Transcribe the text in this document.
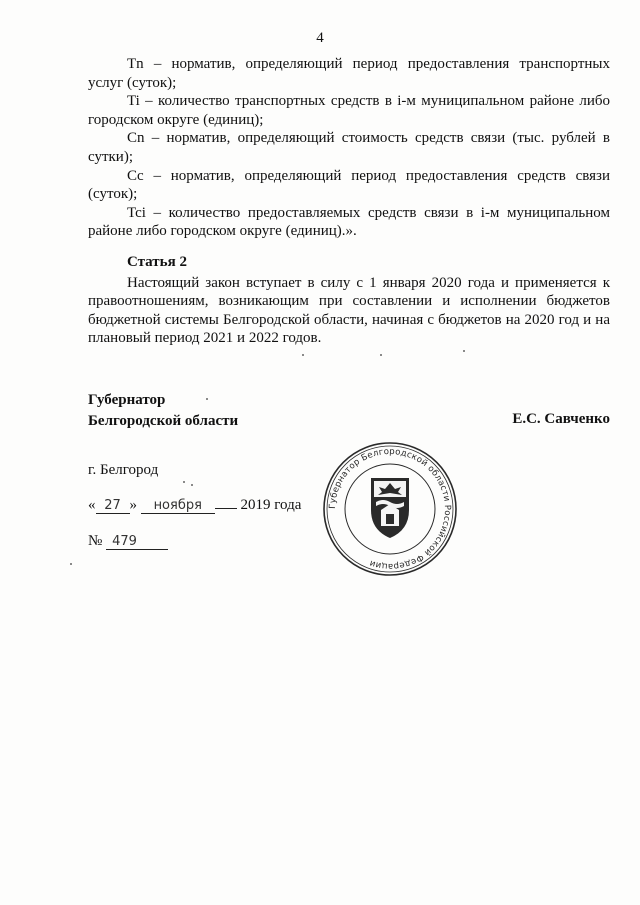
4

Tn – норматив, определяющий период предоставления транспортных услуг (суток);

Ti – количество транспортных средств в i-м муниципальном районе либо городском округе (единиц);

Cn – норматив, определяющий стоимость средств связи (тыс. рублей в сутки);

Cc – норматив, определяющий период предоставления средств связи (суток);

Tci – количество предоставляемых средств связи в i-м муниципальном районе либо городском округе (единиц).».

Статья 2

Настоящий закон вступает в силу с 1 января 2020 года и применяется к правоотношениям, возникающим при составлении и исполнении бюджетов бюджетной системы Белгородской области, начиная с бюджетов на 2020 год и на плановый период 2021 и 2022 годов.

Губернатор
Белгородской области	Е.С. Савченко
г. Белгород
« 27 » ноября	2019 года
№ 479
Губернатор Белгородской области Российской Федерации
